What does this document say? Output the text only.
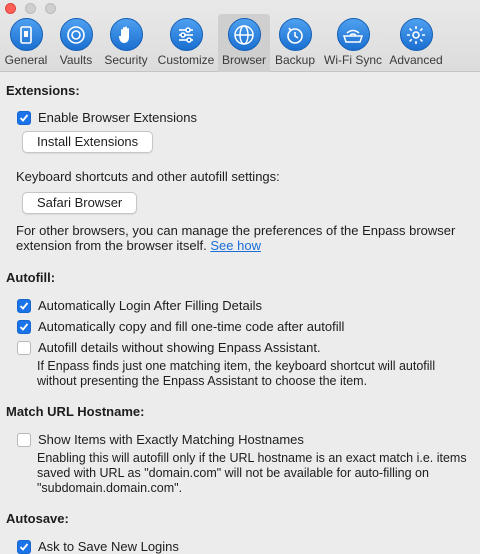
General Vaults Security Customize Browser Backup Wi-Fi Sync Advanced
Extensions:
Enable Browser Extensions
Install Extensions
Keyboard shortcuts and other autofill settings:
Safari Browser
For other browsers, you can manage the preferences of the Enpass browser
extension from the browser itself. See how
Autofill:
Automatically Login After Filling Details
Automatically copy and fill one-time code after autofill
Autofill details without showing Enpass Assistant.
If Enpass finds just one matching item, the keyboard shortcut will autofill
without presenting the Enpass Assistant to choose the item.
Match URL Hostname:
Show Items with Exactly Matching Hostnames
Enabling this will autofill only if the URL hostname is an exact match i.e. items
saved with URL as "domain.com" will not be available for auto-filling on
"subdomain.domain.com".
Autosave:
Ask to Save New Logins
